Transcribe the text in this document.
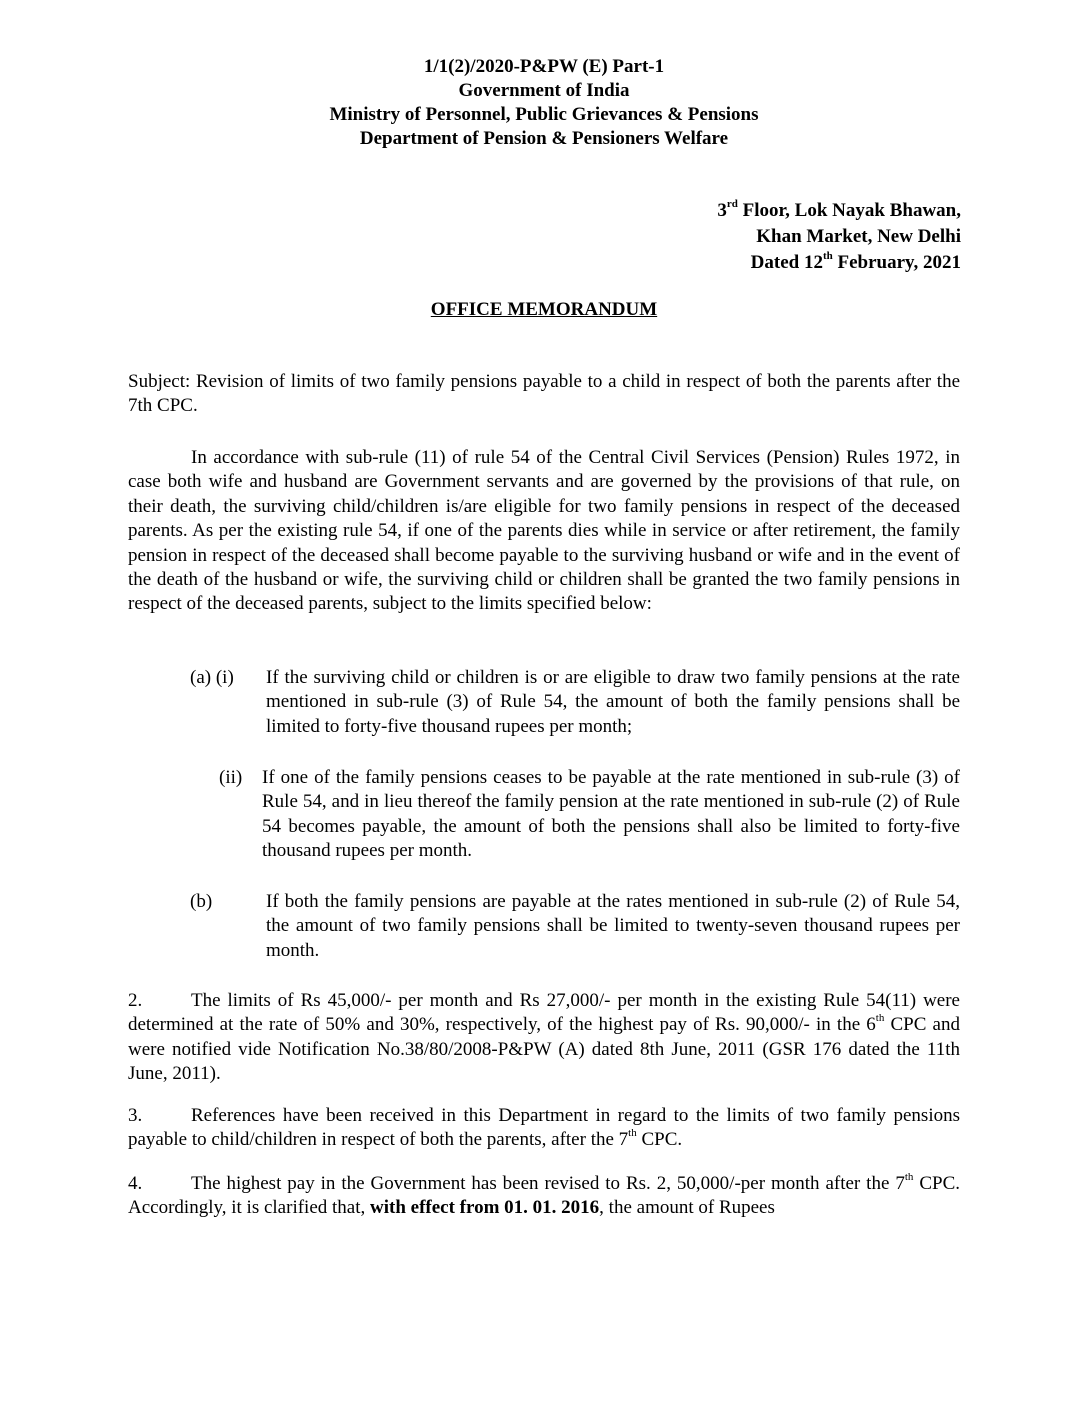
1/1(2)/2020-P&PW (E) Part-1
Government of India
Ministry of Personnel, Public Grievances & Pensions
Department of Pension & Pensioners Welfare
3rd Floor, Lok Nayak Bhawan,
Khan Market, New Delhi
Dated 12th February, 2021
OFFICE MEMORANDUM
Subject: Revision of limits of two family pensions payable to a child in respect of both the parents after the 7th CPC.
In accordance with sub-rule (11) of rule 54 of the Central Civil Services (Pension) Rules 1972, in case both wife and husband are Government servants and are governed by the provisions of that rule, on their death, the surviving child/children is/are eligible for two family pensions in respect of the deceased parents. As per the existing rule 54, if one of the parents dies while in service or after retirement, the family pension in respect of the deceased shall become payable to the surviving husband or wife and in the event of the death of the husband or wife, the surviving child or children shall be granted the two family pensions in respect of the deceased parents, subject to the limits specified below:
(a) (i)	If the surviving child or children is or are eligible to draw two family pensions at the rate mentioned in sub-rule (3) of Rule 54, the amount of both the family pensions shall be limited to forty-five thousand rupees per month;
(ii)	If one of the family pensions ceases to be payable at the rate mentioned in sub-rule (3) of Rule 54, and in lieu thereof the family pension at the rate mentioned in sub-rule (2) of Rule 54 becomes payable, the amount of both the pensions shall also be limited to forty-five thousand rupees per month.
(b)	If both the family pensions are payable at the rates mentioned in sub-rule (2) of Rule 54, the amount of two family pensions shall be limited to twenty-seven thousand rupees per month.
2.	The limits of Rs 45,000/- per month and Rs 27,000/- per month in the existing Rule 54(11) were determined at the rate of 50% and 30%, respectively, of the highest pay of Rs. 90,000/- in the 6th CPC and were notified vide Notification No.38/80/2008-P&PW (A) dated 8th June, 2011 (GSR 176 dated the 11th June, 2011).
3.	References have been received in this Department in regard to the limits of two family pensions payable to child/children in respect of both the parents, after the 7th CPC.
4.	The highest pay in the Government has been revised to Rs. 2, 50,000/-per month after the 7th CPC. Accordingly, it is clarified that, with effect from 01. 01. 2016, the amount of Rupees
